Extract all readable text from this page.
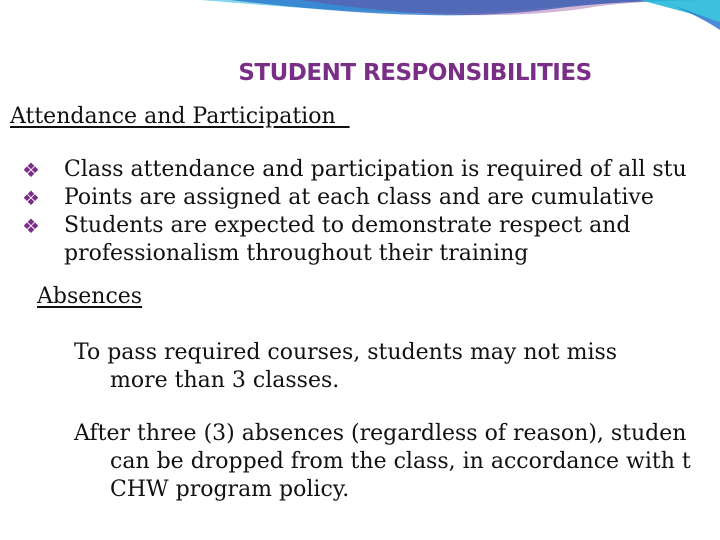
STUDENT RESPONSIBILITIES

Attendance and Participation

❖ Class attendance and participation is required of all stu
❖ Points are assigned at each class and are cumulative
❖ Students are expected to demonstrate respect and
professionalism throughout their training

Absences

To pass required courses, students may not miss
more than 3 classes.

After three (3) absences (regardless of reason), studen
can be dropped from the class, in accordance with t
CHW program policy.
